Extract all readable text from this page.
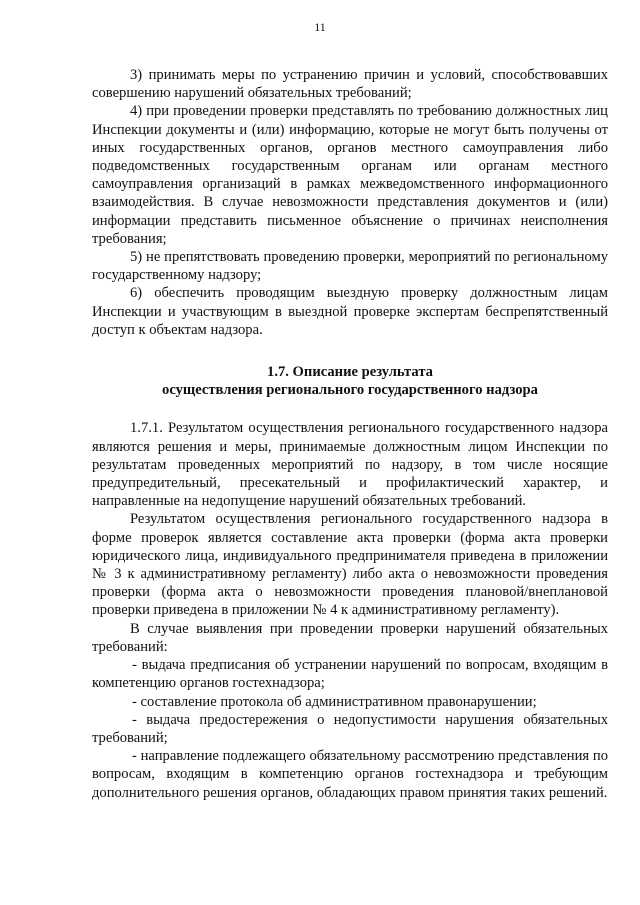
11

3) принимать меры по устранению причин и условий, способствовавших совершению нарушений обязательных требований;

4) при проведении проверки представлять по требованию должностных лиц Инспекции документы и (или) информацию, которые не могут быть получены от иных государственных органов, органов местного самоуправления либо подведомственных государственным органам или органам местного самоуправления организаций в рамках межведомственного информационного взаимодействия. В случае невозможности представления документов и (или) информации представить письменное объяснение о причинах неисполнения требования;

5) не препятствовать проведению проверки, мероприятий по региональному государственному надзору;

6) обеспечить проводящим выездную проверку должностным лицам Инспекции и участвующим в выездной проверке экспертам беспрепятственный доступ к объектам надзора.

1.7. Описание результата
осуществления регионального государственного надзора

1.7.1. Результатом осуществления регионального государственного надзора являются решения и меры, принимаемые должностным лицом Инспекции по результатам проведенных мероприятий по надзору, в том числе носящие предупредительный, пресекательный и профилактический характер, и направленные на недопущение нарушений обязательных требований.

Результатом осуществления регионального государственного надзора в форме проверок является составление акта проверки (форма акта проверки юридического лица, индивидуального предпринимателя приведена в приложении № 3 к административному регламенту) либо акта о невозможности проведения проверки (форма акта о невозможности проведения плановой/внеплановой проверки приведена в приложении № 4 к административному регламенту).

В случае выявления при проведении проверки нарушений обязательных требований:

- выдача предписания об устранении нарушений по вопросам, входящим в компетенцию органов гостехнадзора;

- составление протокола об административном правонарушении;

- выдача предостережения о недопустимости нарушения обязательных требований;

- направление подлежащего обязательному рассмотрению представления по вопросам, входящим в компетенцию органов гостехнадзора и требующим дополнительного решения органов, обладающих правом принятия таких решений.
